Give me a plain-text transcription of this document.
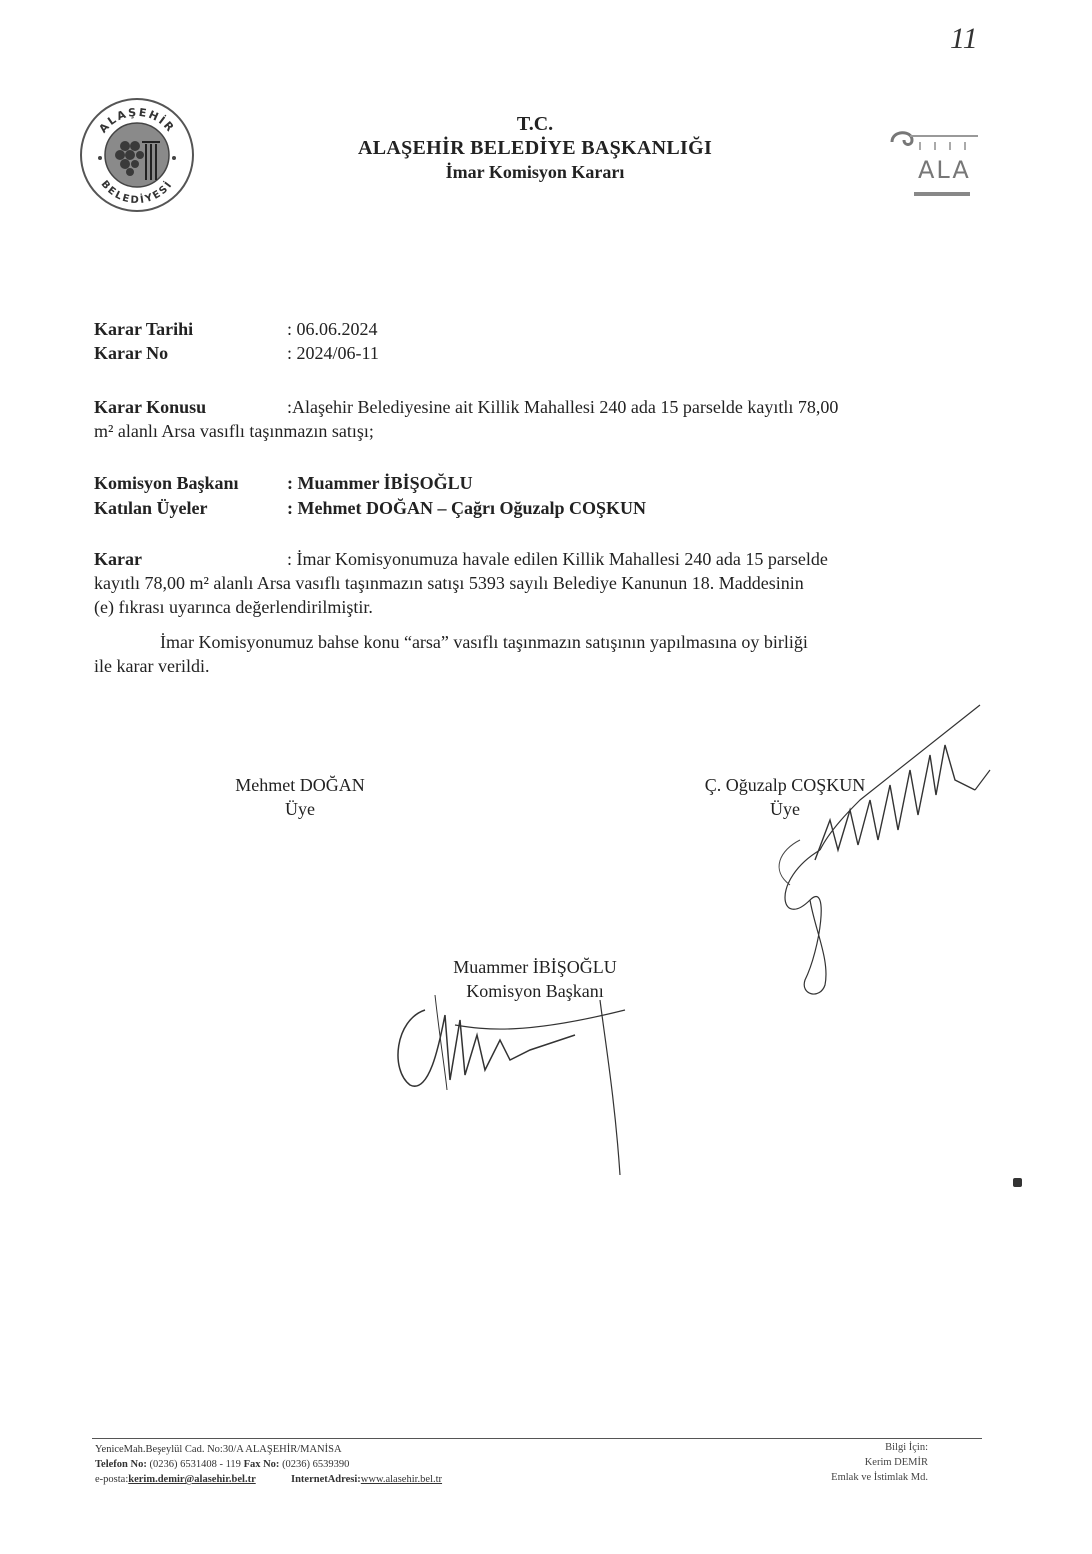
11
ALAŞEHİR
BELEDİYESİ
ALA
T.C.
ALAŞEHİR BELEDİYE BAŞKANLIĞI
İmar Komisyon Kararı
Karar Tarihi	: 06.06.2024
Karar No	: 2024/06-11
Karar Konusu	:Alaşehir Belediyesine ait Killik Mahallesi 240 ada 15 parselde kayıtlı 78,00
m² alanlı Arsa vasıflı taşınmazın satışı;
Komisyon Başkanı	: Muammer İBİŞOĞLU
Katılan Üyeler	: Mehmet DOĞAN – Çağrı Oğuzalp COŞKUN
Karar	: İmar Komisyonumuza havale edilen Killik Mahallesi 240 ada 15 parselde
kayıtlı 78,00 m² alanlı Arsa vasıflı taşınmazın satışı 5393 sayılı Belediye Kanunun 18. Maddesinin
(e) fıkrası uyarınca değerlendirilmiştir.
İmar Komisyonumuz bahse konu “arsa” vasıflı taşınmazın satışının yapılmasına oy birliği
ile karar verildi.
Mehmet DOĞAN
Üye
Ç. Oğuzalp COŞKUN
Üye
Muammer İBİŞOĞLU
Komisyon Başkanı
YeniceMah.Beşeylül Cad. No:30/A ALAŞEHİR/MANİSA
Telefon No: (0236) 6531408 - 119 Fax No: (0236) 6539390
e-posta:kerim.demir@alasehir.bel.tr	InternetAdresi:www.alasehir.bel.tr
Bilgi İçin:
Kerim DEMİR
Emlak ve İstimlak Md.
